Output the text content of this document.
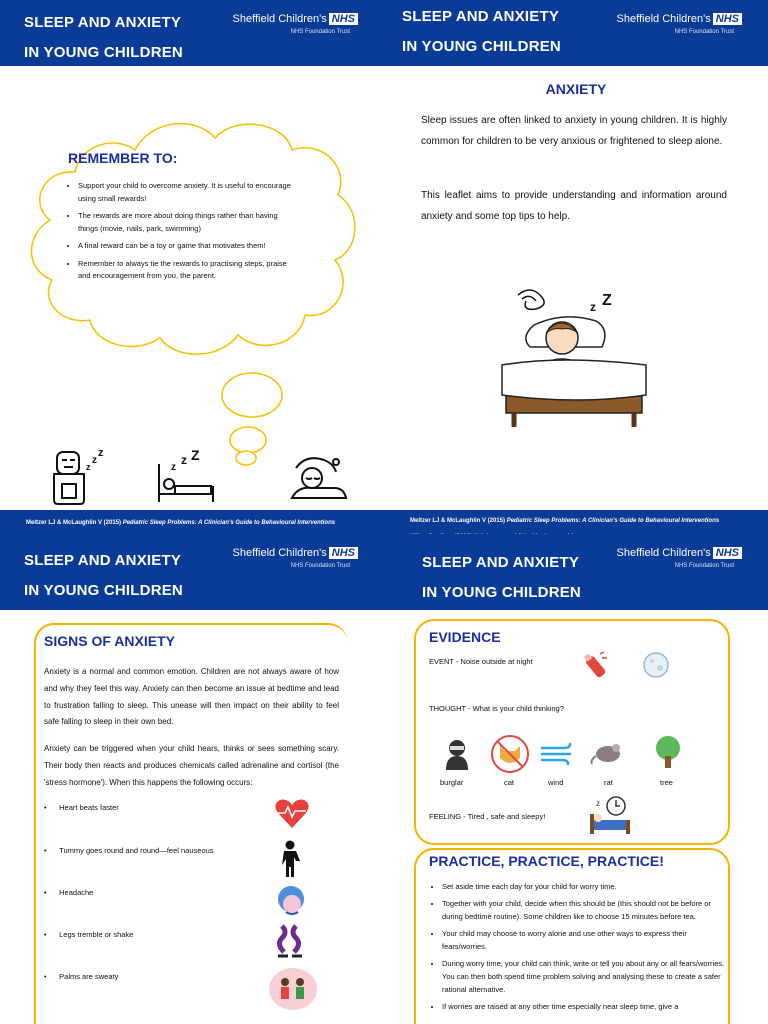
SLEEP AND ANXIETY
IN YOUNG CHILDREN
Sheffield Children's NHS
NHS Foundation Trust
REMEMBER TO:
• Support your child to overcome anxiety. It is useful to encourage using small rewards!
• The rewards are more about doing things rather than having things (movie, nails, park, swimming)
• A final reward can be a toy or game that motivates them!
• Remember to always tie the rewards to practising steps, praise and encouragement from you, the parent.
z
z
z
z
z Z
SLEEP AND ANXIETY
IN YOUNG CHILDREN
Sheffield Children's NHS
NHS Foundation Trust
ANXIETY
Sleep issues are often linked to anxiety in young children. It is highly common for children to be very anxious or frightened to sleep alone.
This leaflet aims to provide understanding and information around anxiety and some top tips to help.
z Z
Meltzer LJ & McLaughlin V (2015) Pediatric Sleep Problems: A Clinician's Guide to Behavioural Interventions
SLEEP AND ANXIETY
IN YOUNG CHILDREN
Sheffield Children's NHS
NHS Foundation Trust
SIGNS OF ANXIETY
Anxiety is a normal and common emotion. Children are not always aware of how and why they feel this way. Anxiety can then become an issue at bedtime and lead to frustration falling to sleep. This unease will then impact on their ability to feel safe falling to sleep in their own bed.
Anxiety can be triggered when your child hears, thinks or sees something scary. Their body then reacts and produces chemicals called adrenaline and cortisol (the 'stress hormone'). When this happens the following occurs:
•      Heart beats faster
•      Tummy goes round and round—feel nauseous
•      Headache
•      Legs tremble or shake
•      Palms are sweaty
Meltzer LJ & McLaughlin V (2015) Pediatric Sleep Problems: A Clinician's Guide to Behavioural Interventions
SLEEP AND ANXIETY
IN YOUNG CHILDREN
Sheffield Children's NHS
NHS Foundation Trust
EVIDENCE
EVENT - Noise outside at night
THOUGHT - What is your child thinking?
burglar	cat	wind	rat	tree
FEELING - Tired , safe and sleepy!
z
PRACTICE, PRACTICE, PRACTICE!
• Set aside time each day for your child for worry time.
• Together with your child, decide when this should be (this should not be before or during bedtime routine). Some children like to choose 15 minutes before tea.
• Your child may choose to worry alone and use other ways to express their fears/worries.
• During worry time, your child can think, write or tell you about any or all fears/worries. You can then both spend time problem solving and analysing these to create a safer rational alternative.
• If worries are raised at any other time especially near sleep time, give a
